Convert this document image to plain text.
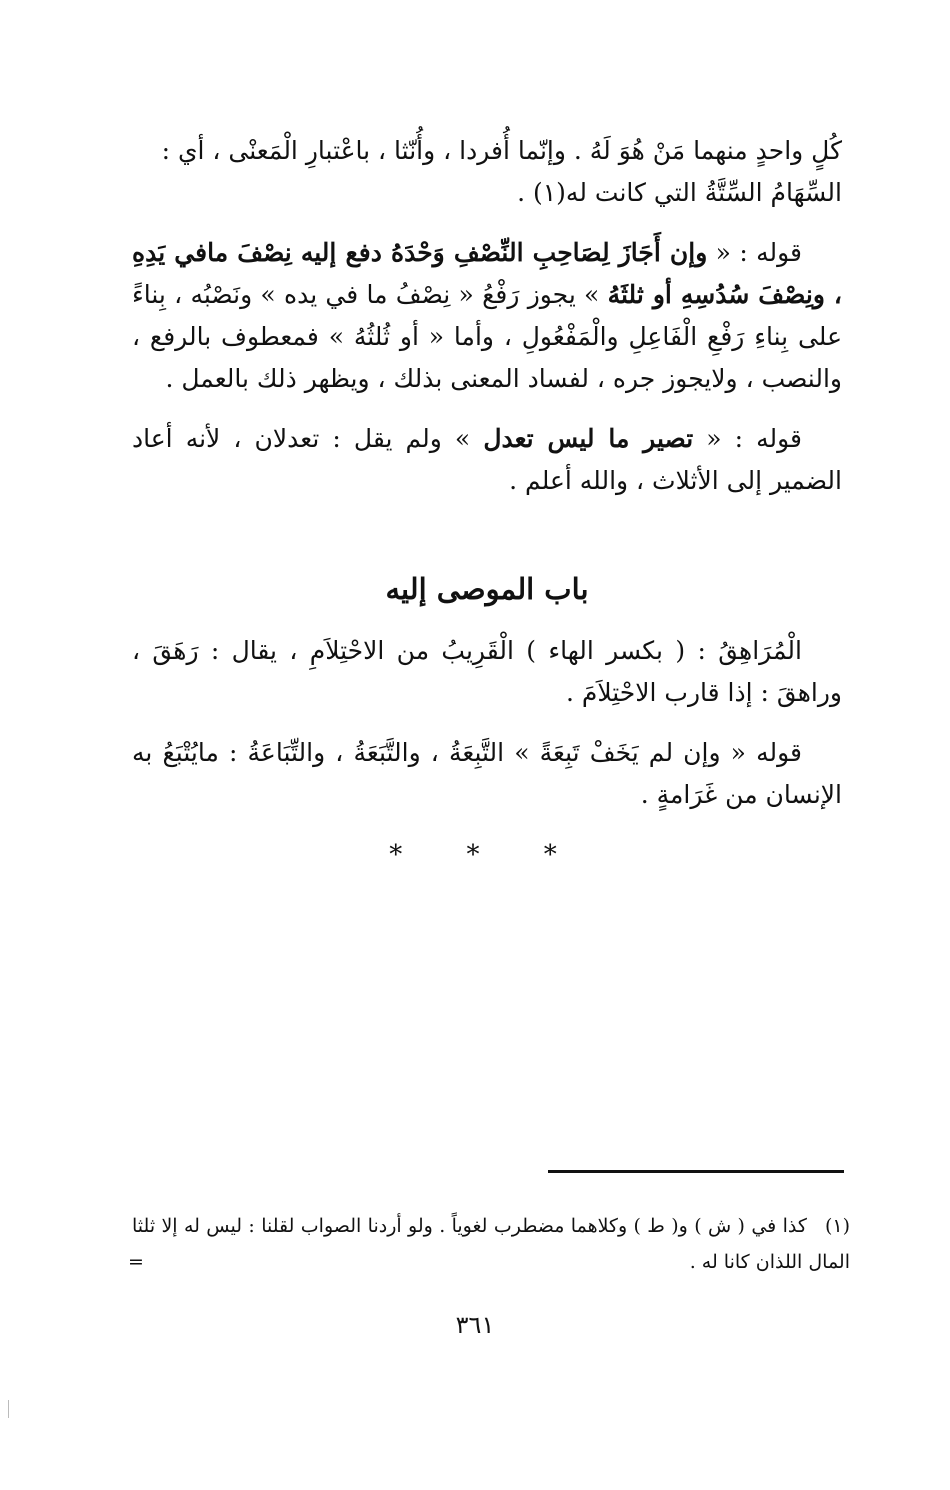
كُلٍ واحدٍ منهما مَنْ هُوَ لَهُ . وإنّما أُفردا ، وأُنّثا ، باعْتبارِ الْمَعنْى ، أي :
السِّهَامُ السِّتَّةُ التي كانت له(١) .

قوله : « وإن أَجَازَ لِصَاحِبِ النِّصْفِ وَحْدَهُ دفع إليه نِصْفَ مافي يَدِهِ ، ونِصْفَ سُدُسِهِ أو ثلثَهُ » يجوز رَفْعُ « نِصْفُ ما في يده » ونَصْبُه ، بِناءً على بِناءِ رَفْعِ الْفَاعِلِ والْمَفْعُولِ ، وأما « أو ثُلثُهُ » فمعطوف بالرفع ، والنصب ، ولايجوز جره ، لفساد المعنى بذلك ، ويظهر ذلك بالعمل .

قوله : « تصير ما ليس تعدل » ولم يقل : تعدلان ، لأنه أعاد الضمير إلى الأثلاث ، والله أعلم .

باب الموصى إليه

الْمُرَاهِقُ : ( بكسر الهاء ) الْقَرِيبُ من الاحْتِلاَمِ ، يقال : رَهَقَ ، وراهقَ : إذا قارب الاحْتِلاَمَ .

قوله « وإن لم يَخَفْ تَبِعَةً » التَّبِعَةُ ، والتَّبَعَةُ ، والتِّبَاعَةُ : مايُتْبَعُ به الإنسان من غَرَامةٍ .

* * *
(١)كذا في ( ش ) و( ط ) وكلاهما مضطرب لغوياً . ولو أردنا الصواب لقلنا : ليس له إلا ثلثا المال اللذان كانا له .
=
٣٦١
